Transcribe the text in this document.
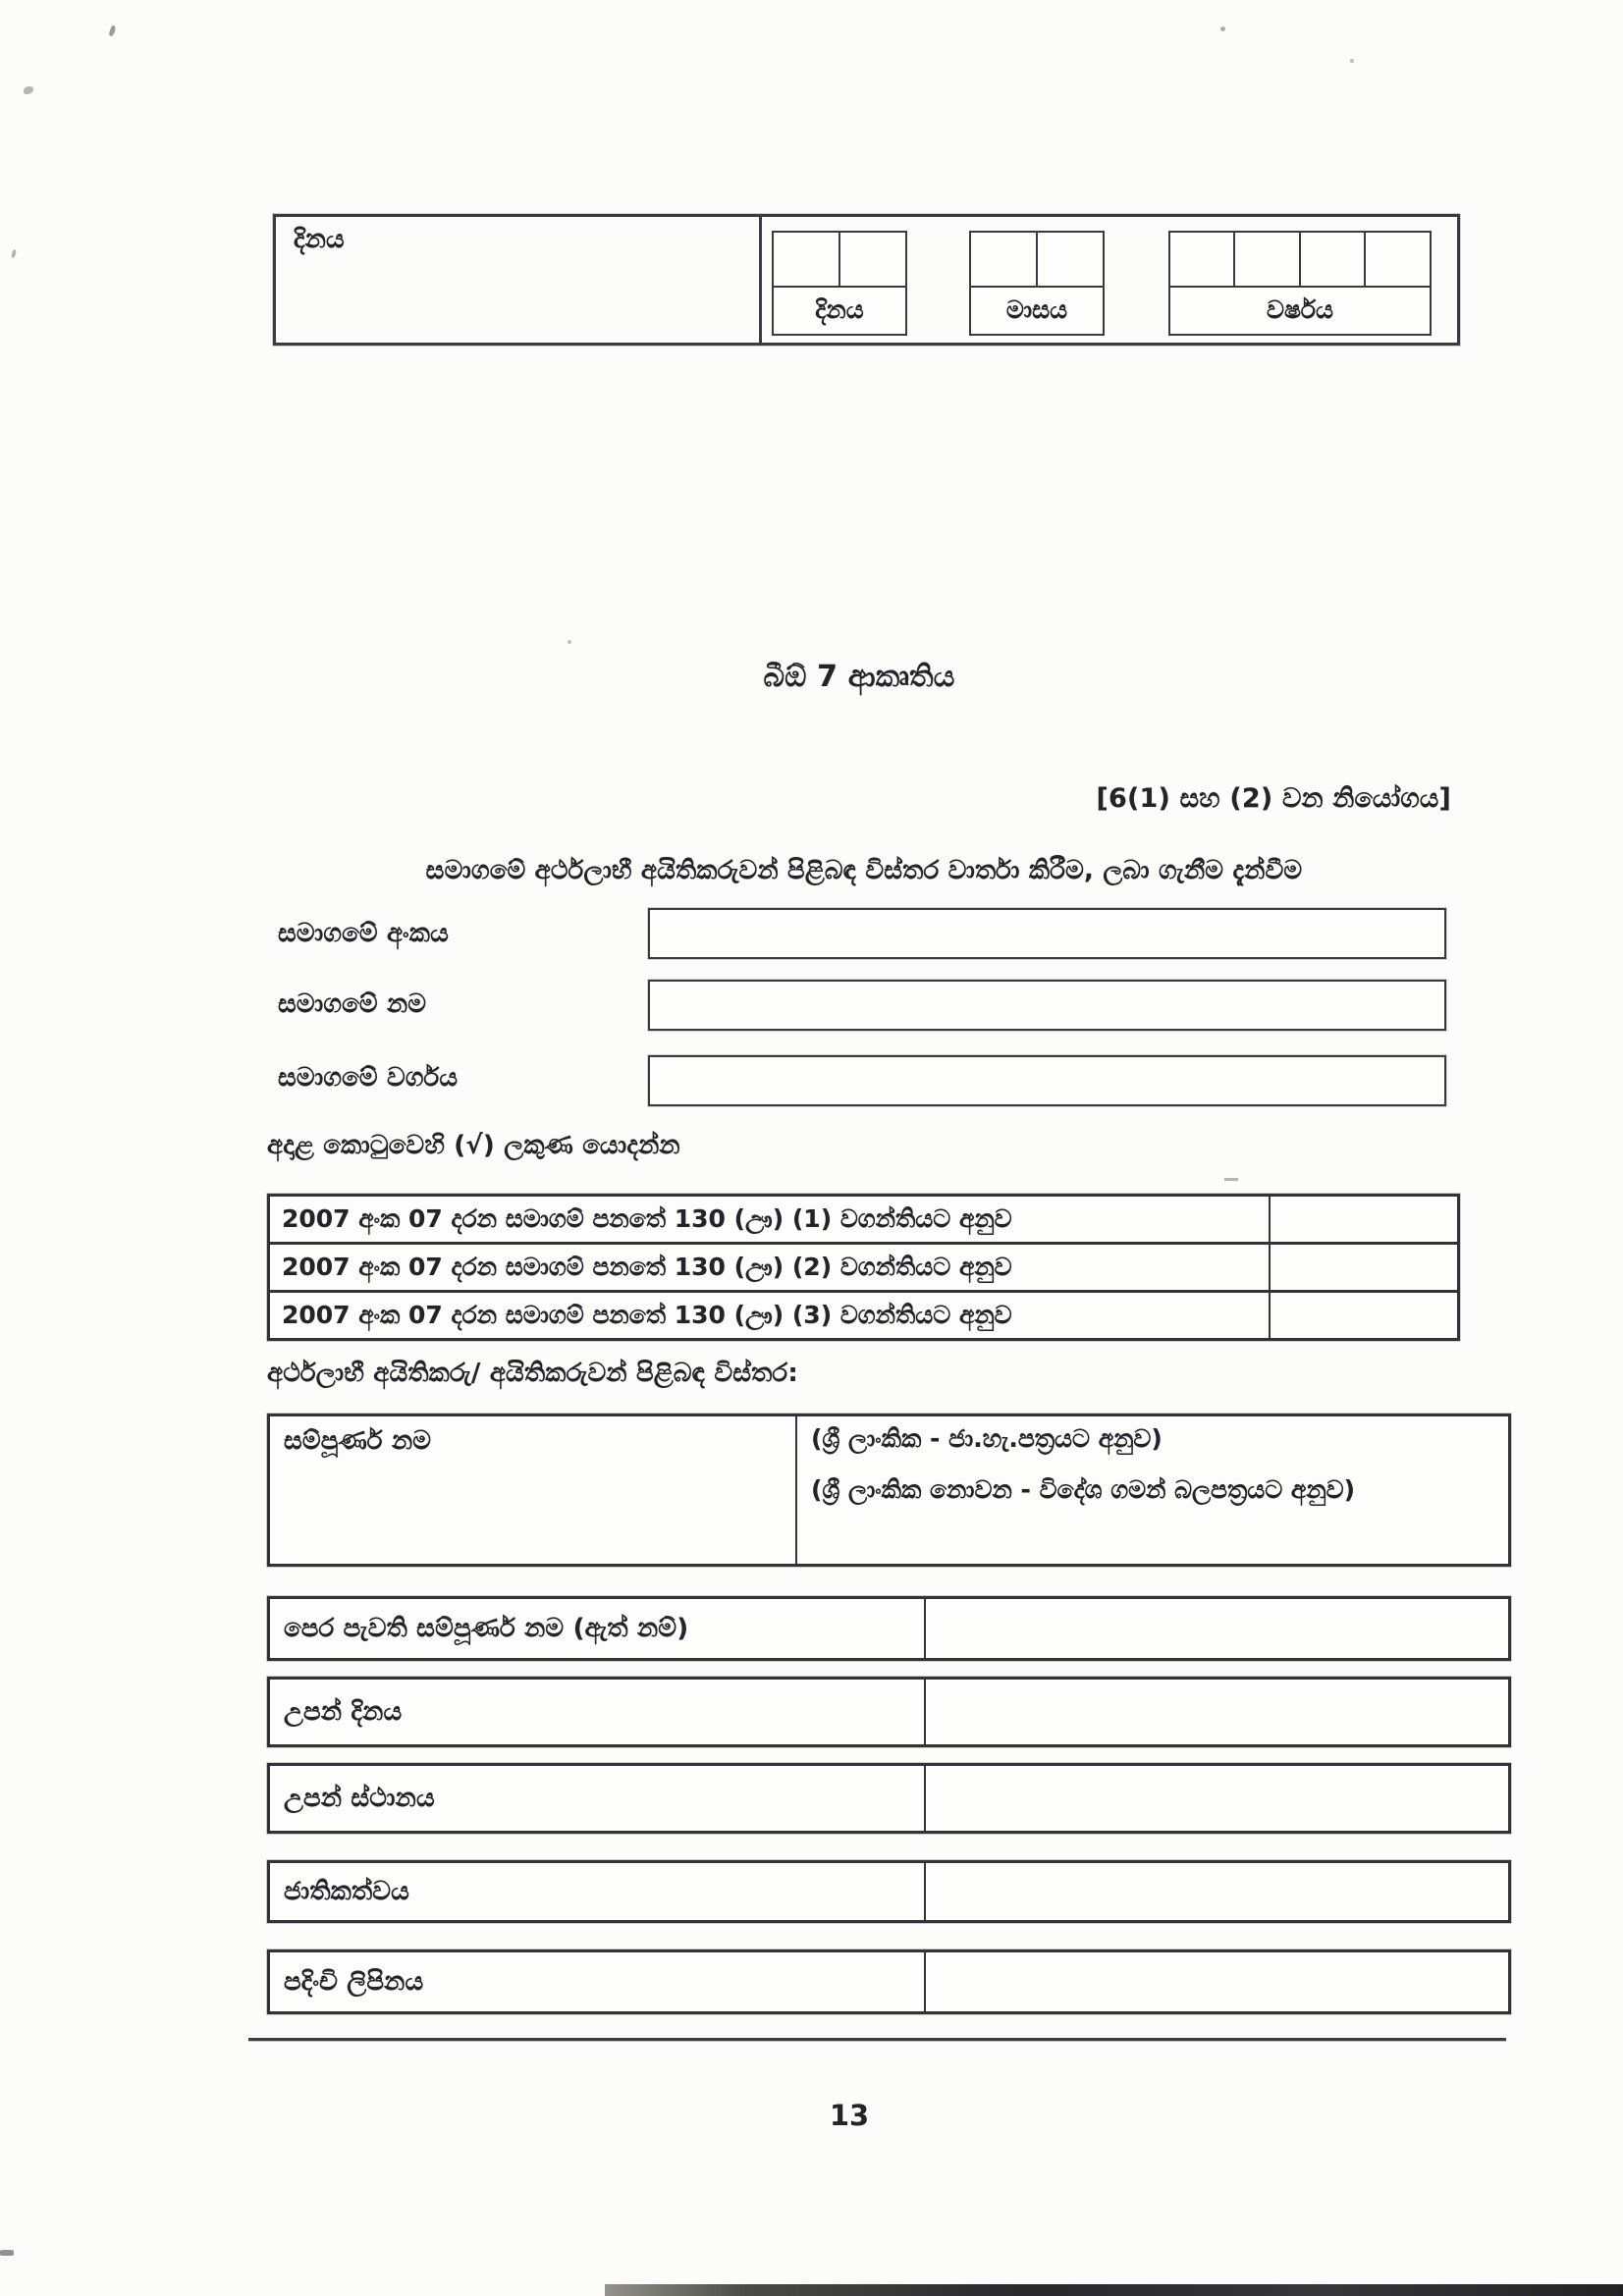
දිනය
දිනය	මාසය	වර්ෂය
බීඕ 7 ආකෘතිය
[6(1) සහ (2) වන නියෝගය]
සමාගමේ අර්ථලාභී අයිතිකරුවන් පිළිබඳ විස්තර වාර්තා කිරීම, ලබා ගැනීම දැන්වීම
සමාගමේ අංකය
සමාගමේ නම
සමාගමේ වර්ගය
අදාළ කොටුවෙහි (√) ලකුණ යොදන්න
2007 අංක 07 දරන සමාගම් පනතේ 130 (ඌ) (1) වගන්තියට අනුව
2007 අංක 07 දරන සමාගම් පනතේ 130 (ඌ) (2) වගන්තියට අනුව
2007 අංක 07 දරන සමාගම් පනතේ 130 (ඌ) (3) වගන්තියට අනුව
අර්ථලාභී අයිතිකරු/ අයිතිකරුවන් පිළිබඳ විස්තර:
සම්පූර්ණ නම	(ශ්‍රී ලාංකික - ජා.හැ.පත්‍රයට අනුව)
(ශ්‍රී ලාංකික නොවන - විදේශ ගමන් බලපත්‍රයට අනුව)
පෙර පැවති සම්පූර්ණ නම (ඇත් නම්)
උපන් දිනය
උපන් ස්ථානය
ජාතිකත්වය
පදිංචි ලිපිනය
13
